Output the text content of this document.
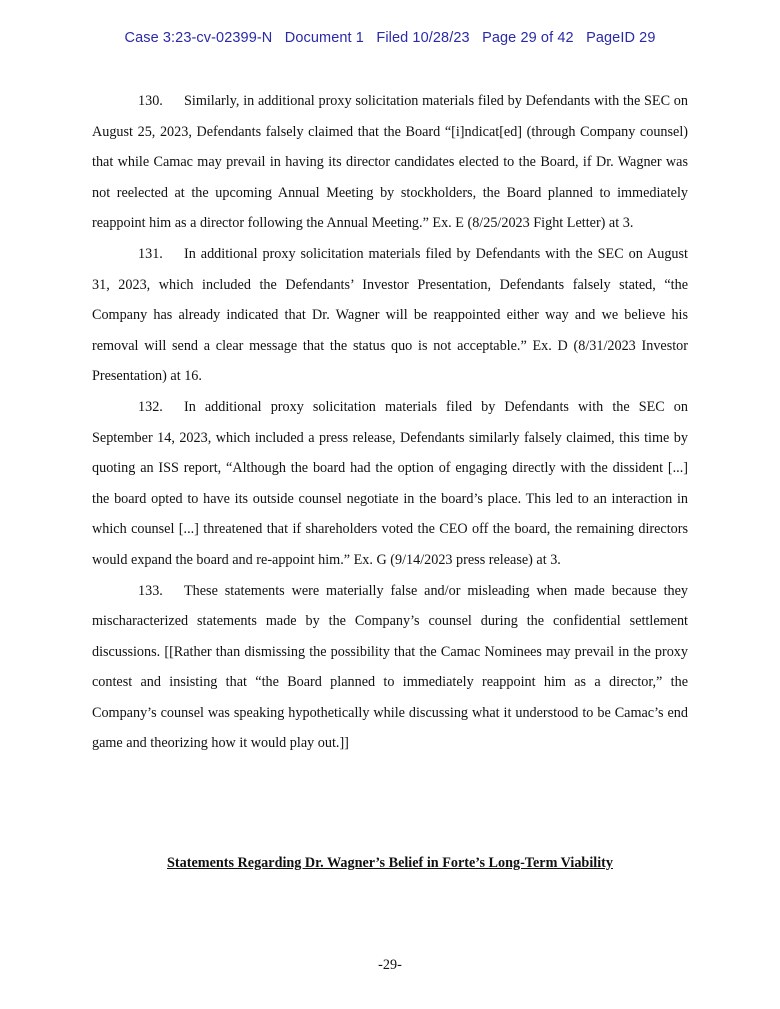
Case 3:23-cv-02399-N Document 1 Filed 10/28/23 Page 29 of 42 PageID 29

130. Similarly, in additional proxy solicitation materials filed by Defendants with the SEC on August 25, 2023, Defendants falsely claimed that the Board “[i]ndicat[ed] (through Company counsel) that while Camac may prevail in having its director candidates elected to the Board, if Dr. Wagner was not reelected at the upcoming Annual Meeting by stockholders, the Board planned to immediately reappoint him as a director following the Annual Meeting.” Ex. E (8/25/2023 Fight Letter) at 3.

131. In additional proxy solicitation materials filed by Defendants with the SEC on August 31, 2023, which included the Defendants’ Investor Presentation, Defendants falsely stated, “the Company has already indicated that Dr. Wagner will be reappointed either way and we believe his removal will send a clear message that the status quo is not acceptable.” Ex. D (8/31/2023 Investor Presentation) at 16.

132. In additional proxy solicitation materials filed by Defendants with the SEC on September 14, 2023, which included a press release, Defendants similarly falsely claimed, this time by quoting an ISS report, “Although the board had the option of engaging directly with the dissident [...] the board opted to have its outside counsel negotiate in the board’s place. This led to an interaction in which counsel [...] threatened that if shareholders voted the CEO off the board, the remaining directors would expand the board and re-appoint him.” Ex. G (9/14/2023 press release) at 3.

133. These statements were materially false and/or misleading when made because they mischaracterized statements made by the Company’s counsel during the confidential settlement discussions. [[Rather than dismissing the possibility that the Camac Nominees may prevail in the proxy contest and insisting that “the Board planned to immediately reappoint him as a director,” the Company’s counsel was speaking hypothetically while discussing what it understood to be Camac’s end game and theorizing how it would play out.]]

Statements Regarding Dr. Wagner’s Belief in Forte’s Long-Term Viability
-29-
